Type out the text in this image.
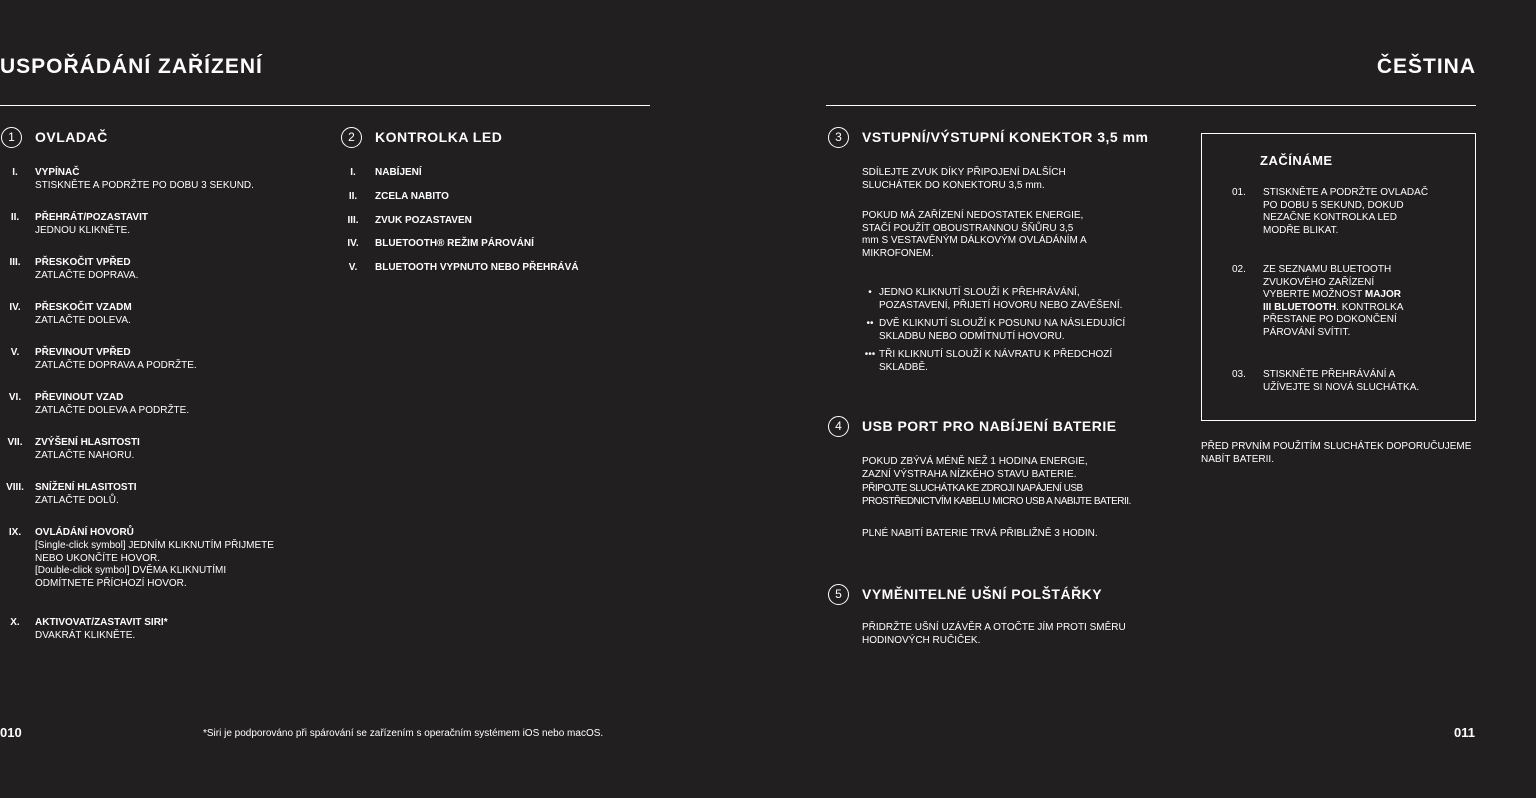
USPOŘÁDÁNÍ ZAŘÍZENÍ	ČEŠTINA
1	OVLADAČ
I.	VYPÍNAČ
STISKNĚTE A PODRŽTE PO DOBU 3 SEKUND.
II.	PŘEHRÁT/POZASTAVIT
JEDNOU KLIKNĚTE.
III.	PŘESKOČIT VPŘED
ZATLAČTE DOPRAVA.
IV.	PŘESKOČIT VZADM
ZATLAČTE DOLEVA.
V.	PŘEVINOUT VPŘED
ZATLAČTE DOPRAVA A PODRŽTE.
VI.	PŘEVINOUT VZAD
ZATLAČTE DOLEVA A PODRŽTE.
VII.	ZVÝŠENÍ HLASITOSTI
ZATLAČTE NAHORU.
VIII.	SNÍŽENÍ HLASITOSTI
ZATLAČTE DOLŮ.
IX.	OVLÁDÁNÍ HOVORŮ
[Single-click symbol] JEDNÍM KLIKNUTÍM PŘIJMETE
NEBO UKONČÍTE HOVOR.
[Double-click symbol] DVĚMA KLIKNUTÍMI
ODMÍTNETE PŘÍCHOZÍ HOVOR.
X.	AKTIVOVAT/ZASTAVIT SIRI*
DVAKRÁT KLIKNĚTE.
2	KONTROLKA LED
I.	NABÍJENÍ
II.	ZCELA NABITO
III.	ZVUK POZASTAVEN
IV.	BLUETOOTH® REŽIM PÁROVÁNÍ
V.	BLUETOOTH VYPNUTO NEBO PŘEHRÁVÁ
010	*Siri je podporováno při spárování se zařízením s operačním systémem iOS nebo macOS.
3	VSTUPNÍ/VÝSTUPNÍ KONEKTOR 3,5 mm
SDÍLEJTE ZVUK DÍKY PŘIPOJENÍ DALŠÍCH
SLUCHÁTEK DO KONEKTORU 3,5 mm.
POKUD MÁ ZAŘÍZENÍ NEDOSTATEK ENERGIE,
STAČÍ POUŽÍT OBOUSTRANNOU ŠŇŮRU 3,5
mm S VESTAVĚNÝM DÁLKOVÝM OVLÁDÁNÍM A
MIKROFONEM.
• JEDNO KLIKNUTÍ SLOUŽÍ K PŘEHRÁVÁNÍ,
POZASTAVENÍ, PŘIJETÍ HOVORU NEBO ZAVĚŠENÍ.
•• DVĚ KLIKNUTÍ SLOUŽÍ K POSUNU NA NÁSLEDUJÍCÍ
SKLADBU NEBO ODMÍTNUTÍ HOVORU.
••• TŘI KLIKNUTÍ SLOUŽÍ K NÁVRATU K PŘEDCHOZÍ
SKLADBĚ.
4	USB PORT PRO NABÍJENÍ BATERIE
POKUD ZBÝVÁ MÉNĚ NEŽ 1 HODINA ENERGIE,
ZAZNÍ VÝSTRAHA NÍZKÉHO STAVU BATERIE.
PŘIPOJTE SLUCHÁTKA KE ZDROJI NAPÁJENÍ USB
PROSTŘEDNICTVÍM KABELU MICRO USB A NABIJTE BATERII.
PLNÉ NABITÍ BATERIE TRVÁ PŘIBLIŽNĚ 3 HODIN.
5	VYMĚNITELNÉ UŠNÍ POLŠTÁŘKY
PŘIDRŽTE UŠNÍ UZÁVĚR A OTOČTE JÍM PROTI SMĚRU
HODINOVÝCH RUČIČEK.
ZAČÍNÁME
01. STISKNĚTE A PODRŽTE OVLADAČ
PO DOBU 5 SEKUND, DOKUD
NEZAČNE KONTROLKA LED
MODŘE BLIKAT.
02. ZE SEZNAMU BLUETOOTH
ZVUKOVÉHO ZAŘÍZENÍ
VYBERTE MOŽNOST MAJOR
III BLUETOOTH. KONTROLKA
PŘESTANE PO DOKONČENÍ
PÁROVÁNÍ SVÍTIT.
03. STISKNĚTE PŘEHRÁVÁNÍ A
UŽÍVEJTE SI NOVÁ SLUCHÁTKA.
PŘED PRVNÍM POUŽITÍM SLUCHÁTEK DOPORUČUJEME
NABÍT BATERII.
011
